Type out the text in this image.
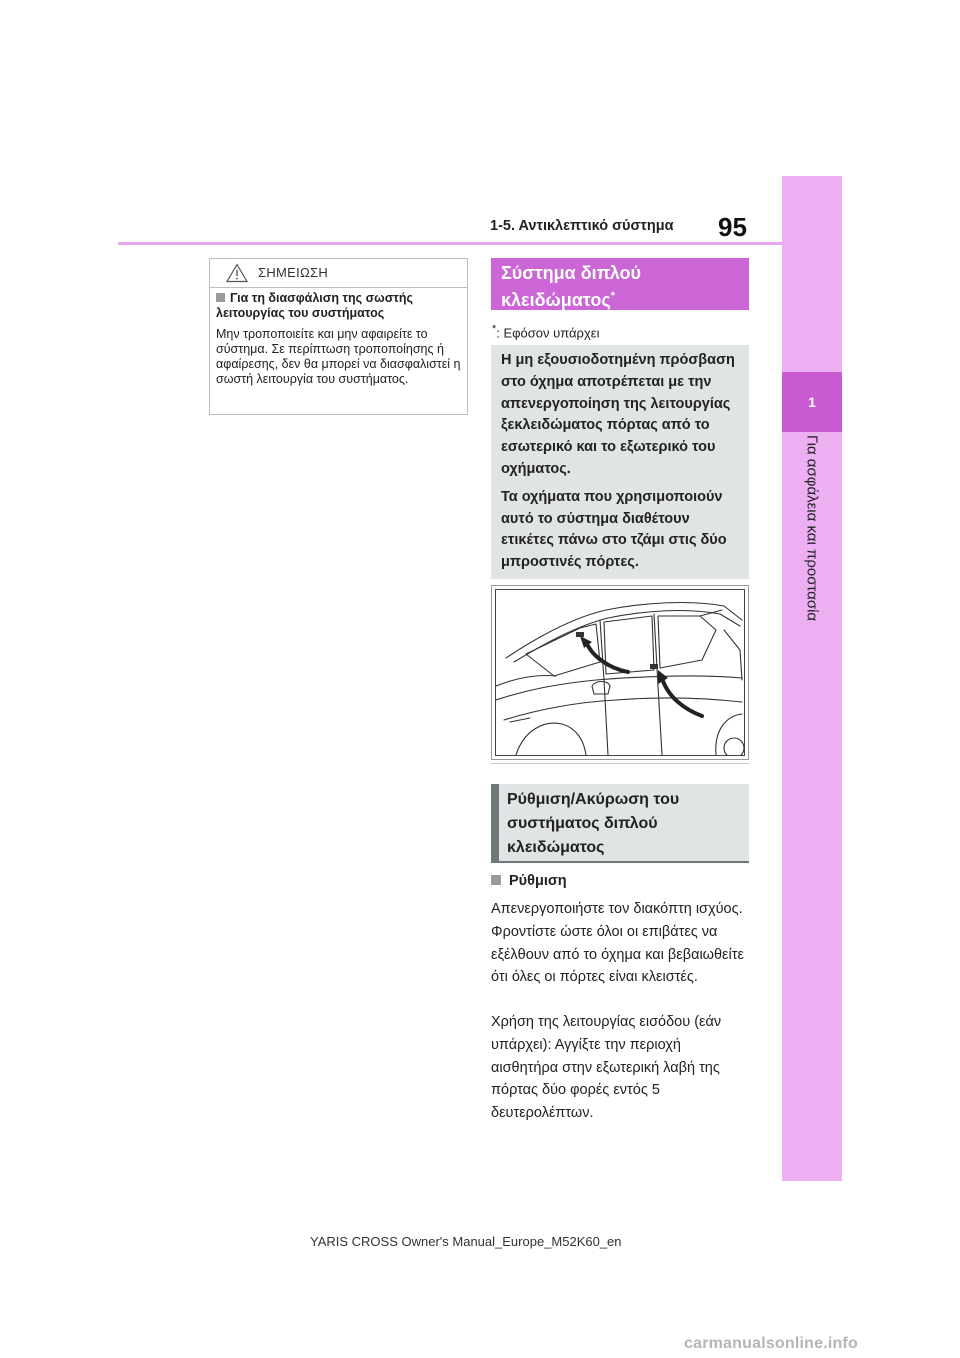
1-5. Αντικλεπτικό σύστημα 95
1
Για ασφάλεια και προστασία
ΣΗΜΕΙΩΣΗ
Για τη διασφάλιση της σωστής λειτουργίας του συστήματος
Μην τροποποιείτε και μην αφαιρείτε το σύστημα. Σε περίπτωση τροποποίησης ή αφαίρεσης, δεν θα μπορεί να διασφαλιστεί η σωστή λειτουργία του συστήματος.
Σύστημα διπλού κλειδώματος*
*: Εφόσον υπάρχει

Η μη εξουσιοδοτημένη πρόσβαση στο όχημα αποτρέπεται με την απενεργοποίηση της λειτουργίας ξεκλειδώματος πόρτας από το εσωτερικό και το εξωτερικό του οχήματος.

Τα οχήματα που χρησιμοποιούν αυτό το σύστημα διαθέτουν ετικέτες πάνω στο τζάμι στις δύο μπροστινές πόρτες.

Ρύθμιση/Ακύρωση του συστήματος διπλού κλειδώματος
Ρύθμιση

Απενεργοποιήστε τον διακόπτη ισχύος. Φροντίστε ώστε όλοι οι επιβάτες να εξέλθουν από το όχημα και βεβαιωθείτε ότι όλες οι πόρτες είναι κλειστές.

Χρήση της λειτουργίας εισόδου (εάν υπάρχει): Αγγίξτε την περιοχή αισθητήρα στην εξωτερική λαβή της πόρτας δύο φορές εντός 5 δευτερολέπτων.

YARIS CROSS Owner's Manual_Europe_M52K60_en
carmanualsonline.info
